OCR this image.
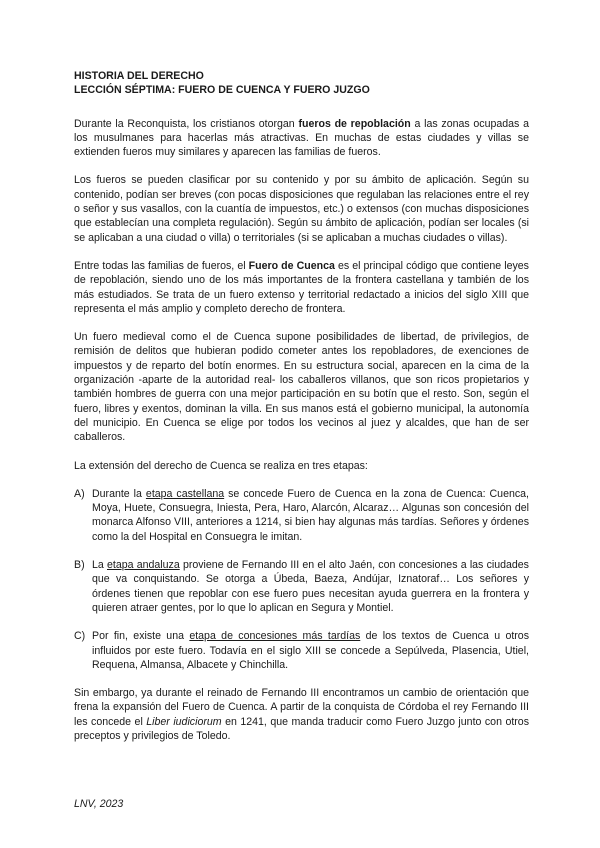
HISTORIA DEL DERECHO

LECCIÓN SÉPTIMA: FUERO DE CUENCA Y FUERO JUZGO

Durante la Reconquista, los cristianos otorgan fueros de repoblación a las zonas ocupadas a los musulmanes para hacerlas más atractivas. En muchas de estas ciudades y villas se extienden fueros muy similares y aparecen las familias de fueros.

Los fueros se pueden clasificar por su contenido y por su ámbito de aplicación. Según su contenido, podían ser breves (con pocas disposiciones que regulaban las relaciones entre el rey o señor y sus vasallos, con la cuantía de impuestos, etc.) o extensos (con muchas disposiciones que establecían una completa regulación). Según su ámbito de aplicación, podían ser locales (si se aplicaban a una ciudad o villa) o territoriales (si se aplicaban a muchas ciudades o villas).

Entre todas las familias de fueros, el Fuero de Cuenca es el principal código que contiene leyes de repoblación, siendo uno de los más importantes de la frontera castellana y también de los más estudiados. Se trata de un fuero extenso y territorial redactado a inicios del siglo XIII que representa el más amplio y completo derecho de frontera.

Un fuero medieval como el de Cuenca supone posibilidades de libertad, de privilegios, de remisión de delitos que hubieran podido cometer antes los repobladores, de exenciones de impuestos y de reparto del botín enormes. En su estructura social, aparecen en la cima de la organización -aparte de la autoridad real- los caballeros villanos, que son ricos propietarios y también hombres de guerra con una mejor participación en su botín que el resto. Son, según el fuero, libres y exentos, dominan la villa. En sus manos está el gobierno municipal, la autonomía del municipio. En Cuenca se elige por todos los vecinos al juez y alcaldes, que han de ser caballeros.

La extensión del derecho de Cuenca se realiza en tres etapas:

A) Durante la etapa castellana se concede Fuero de Cuenca en la zona de Cuenca: Cuenca, Moya, Huete, Consuegra, Iniesta, Pera, Haro, Alarcón, Alcaraz… Algunas son concesión del monarca Alfonso VIII, anteriores a 1214, si bien hay algunas más tardías. Señores y órdenes como la del Hospital en Consuegra le imitan.
B) La etapa andaluza proviene de Fernando III en el alto Jaén, con concesiones a las ciudades que va conquistando. Se otorga a Úbeda, Baeza, Andújar, Iznatoraf… Los señores y órdenes tienen que repoblar con ese fuero pues necesitan ayuda guerrera en la frontera y quieren atraer gentes, por lo que lo aplican en Segura y Montiel.
C) Por fin, existe una etapa de concesiones más tardías de los textos de Cuenca u otros influidos por este fuero. Todavía en el siglo XIII se concede a Sepúlveda, Plasencia, Utiel, Requena, Almansa, Albacete y Chinchilla.

Sin embargo, ya durante el reinado de Fernando III encontramos un cambio de orientación que frena la expansión del Fuero de Cuenca. A partir de la conquista de Córdoba el rey Fernando III les concede el Liber iudiciorum en 1241, que manda traducir como Fuero Juzgo junto con otros preceptos y privilegios de Toledo.

LNV, 2023
